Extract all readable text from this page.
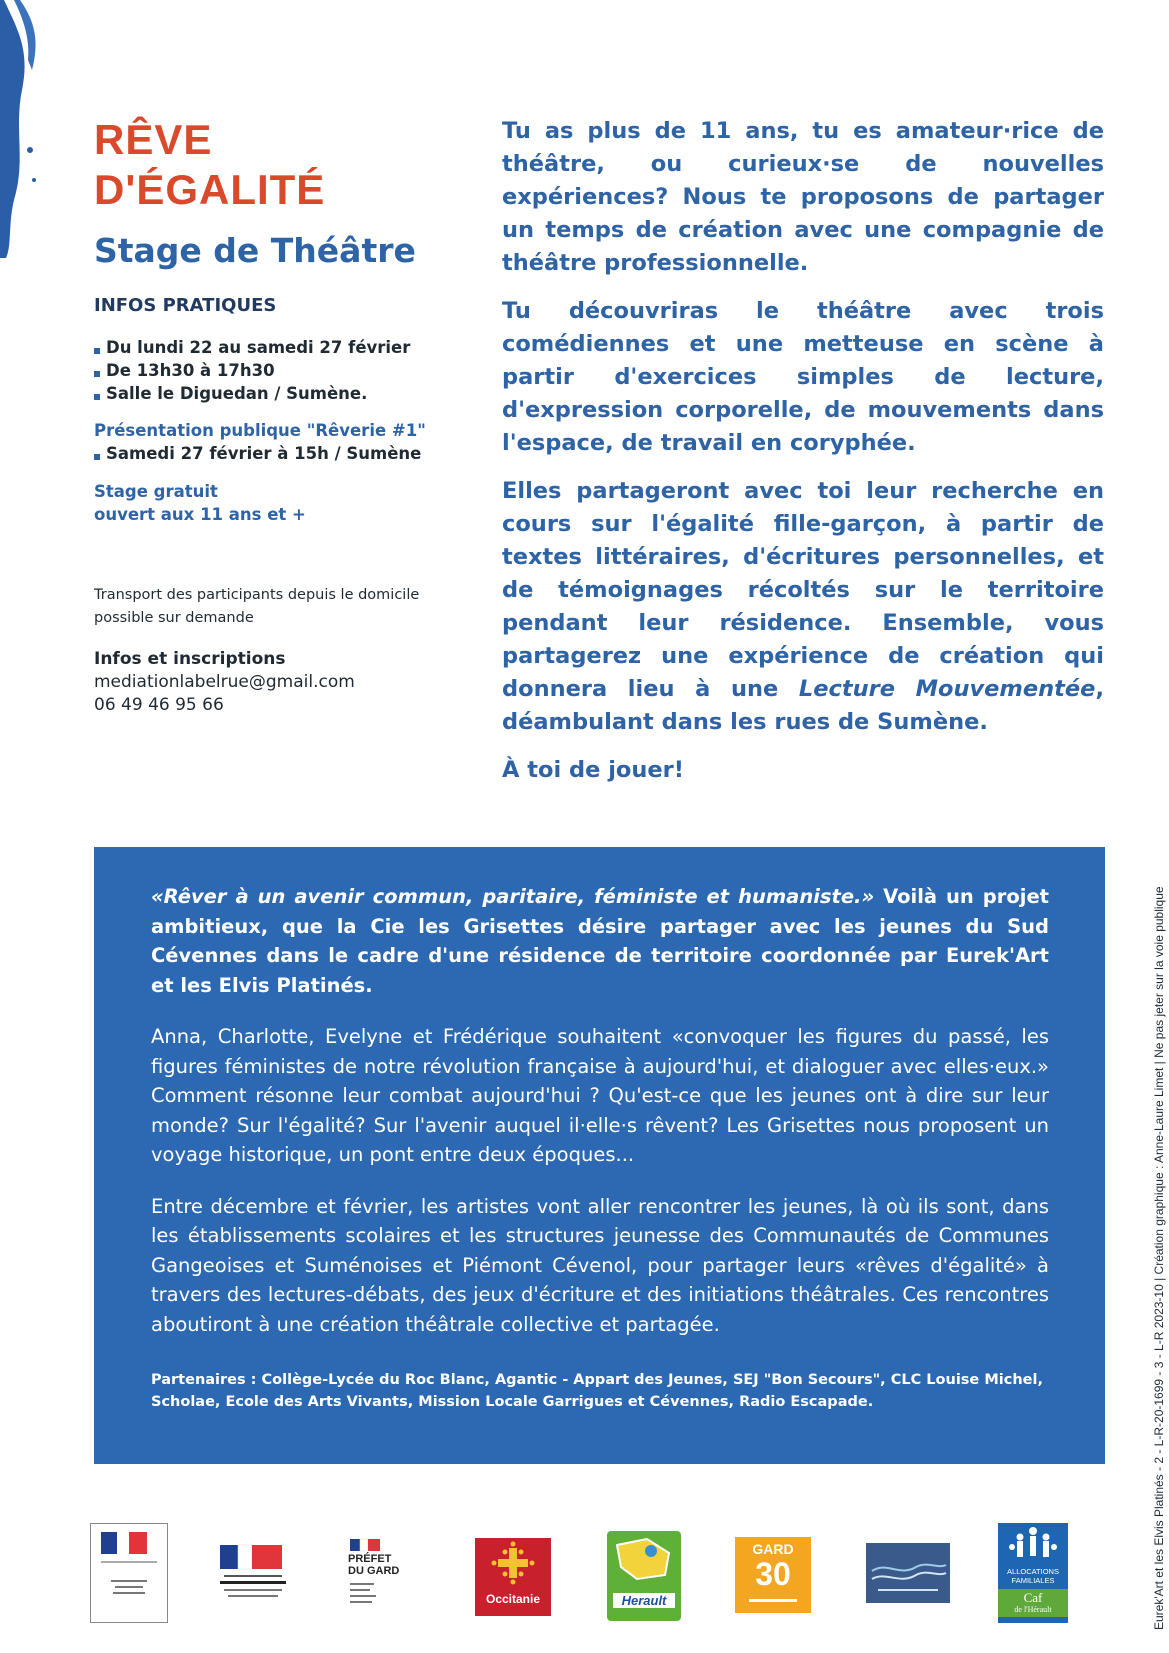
RÊVE
D'ÉGALITÉ
Stage de Théâtre
INFOS PRATIQUES
Du lundi 22 au samedi 27 février
De 13h30 à 17h30
Salle le Diguedan / Sumène.
Présentation publique "Rêverie #1"
Samedi 27 février à 15h / Sumène
Stage gratuit
ouvert aux 11 ans et +
Transport des participants depuis le domicile
possible sur demande
Infos et inscriptions
mediationlabelrue@gmail.com
06 49 46 95 66

Tu as plus de 11 ans, tu es amateur·rice de théâtre, ou curieux·se de nouvelles expériences? Nous te proposons de partager un temps de création avec une compagnie de théâtre professionnelle.

Tu découvriras le théâtre avec trois comédiennes et une metteuse en scène à partir d'exercices simples de lecture, d'expression corporelle, de mouvements dans l'espace, de travail en coryphée.

Elles partageront avec toi leur recherche en cours sur l'égalité fille-garçon, à partir de textes littéraires, d'écritures personnelles, et de témoignages récoltés sur le territoire pendant leur résidence. Ensemble, vous partagerez une expérience de création qui donnera lieu à une Lecture Mouvementée, déambulant dans les rues de Sumène.

À toi de jouer!

Eurek'Art et les Elvis Platinés - 2 - L-R-20-1699 - 3 - L-R 2023-10 | Création graphique : Anne-Laure Limet | Ne pas jeter sur la voie publique

«Rêver à un avenir commun, paritaire, féministe et humaniste.» Voilà un projet ambitieux, que la Cie les Grisettes désire partager avec les jeunes du Sud Cévennes dans le cadre d'une résidence de territoire coordonnée par Eurek'Art et les Elvis Platinés.

Anna, Charlotte, Evelyne et Frédérique souhaitent «convoquer les figures du passé, les figures féministes de notre révolution française à aujourd'hui, et dialoguer avec elles·eux.» Comment résonne leur combat aujourd'hui ? Qu'est-ce que les jeunes ont à dire sur leur monde? Sur l'égalité? Sur l'avenir auquel il·elle·s rêvent? Les Grisettes nous proposent un voyage historique, un pont entre deux époques...

Entre décembre et février, les artistes vont aller rencontrer les jeunes, là où ils sont, dans les établissements scolaires et les structures jeunesse des Communautés de Communes Gangeoises et Suménoises et Piémont Cévenol, pour partager leurs «rêves d'égalité» à travers des lectures-débats, des jeux d'écriture et des initiations théâtrales. Ces rencontres aboutiront à une création théâtrale collective et partagée.

Partenaires : Collège-Lycée du Roc Blanc, Agantic - Appart des Jeunes, SEJ "Bon Secours", CLC Louise Michel, Scholae, Ecole des Arts Vivants, Mission Locale Garrigues et Cévennes, Radio Escapade.

PRÉFET
DU GARD
Occitanie	Herault
GARD
30	ALLOCATIONS
FAMILIALES
Caf
de l'Hérault
